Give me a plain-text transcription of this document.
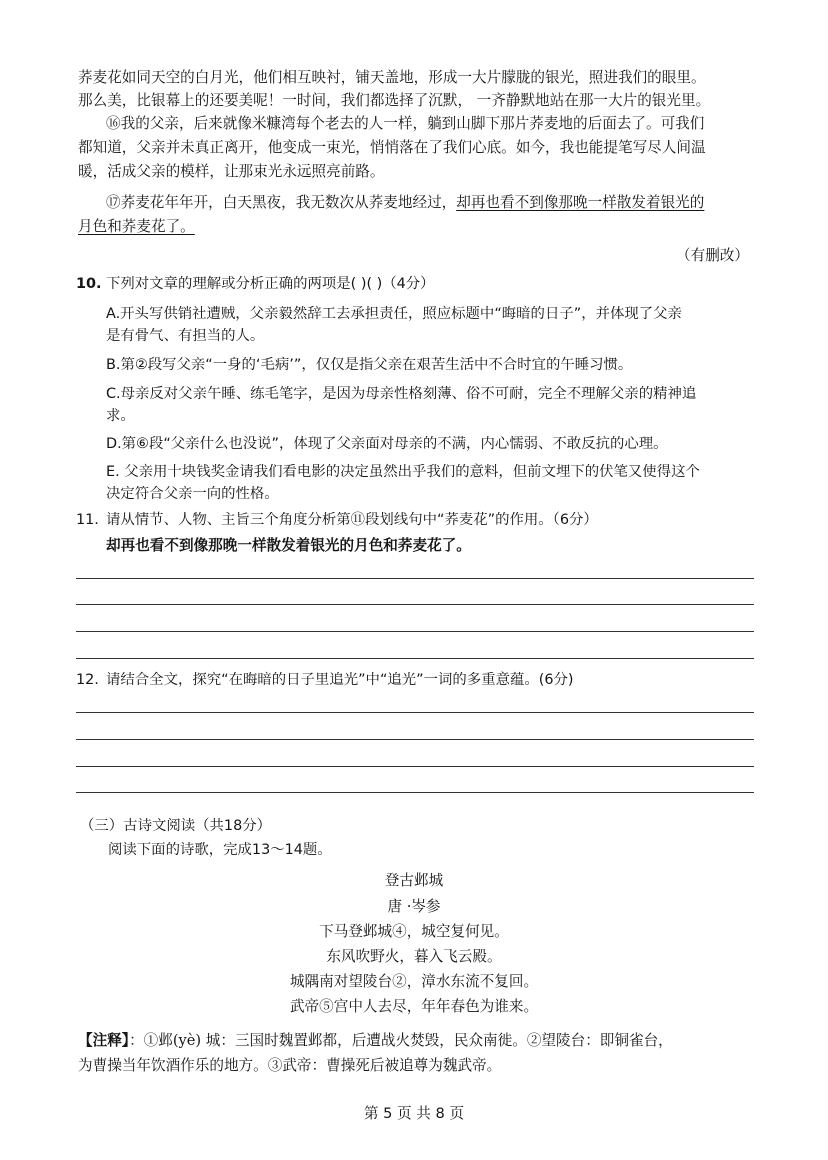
荞麦花如同天空的白月光，他们相互映衬，铺天盖地，形成一大片朦胧的银光，照进我们的眼里。
那么美，比银幕上的还要美呢！一时间，我们都选择了沉默， 一齐静默地站在那一大片的银光里。
⑯我的父亲，后来就像米糠湾每个老去的人一样，躺到山脚下那片荞麦地的后面去了。可我们
都知道，父亲并未真正离开，他变成一束光，悄悄落在了我们心底。如今，我也能提笔写尽人间温
暖，活成父亲的模样，让那束光永远照亮前路。
⑰荞麦花年年开，白天黑夜，我无数次从荞麦地经过，却再也看不到像那晚一样散发着银光的
月色和荞麦花了。
（有删改）
10. 下列对文章的理解或分析正确的两项是( )( )（4分）
A.开头写供销社遭贼，父亲毅然辞工去承担责任，照应标题中“晦暗的日子”，并体现了父亲
是有骨气、有担当的人。
B.第②段写父亲“一身的‘毛病’”，仅仅是指父亲在艰苦生活中不合时宜的午睡习惯。
C.母亲反对父亲午睡、练毛笔字，是因为母亲性格刻薄、俗不可耐，完全不理解父亲的精神追
求。
D.第⑥段“父亲什么也没说”，体现了父亲面对母亲的不满，内心懦弱、不敢反抗的心理。
E. 父亲用十块钱奖金请我们看电影的决定虽然出乎我们的意料，但前文埋下的伏笔又使得这个
决定符合父亲一向的性格。
11. 请从情节、人物、主旨三个角度分析第⑪段划线句中“荞麦花”的作用。（6分）
却再也看不到像那晚一样散发着银光的月色和荞麦花了。
12. 请结合全文，探究“在晦暗的日子里追光”中“追光”一词的多重意蕴。(6分)
（三）古诗文阅读（共18分）
阅读下面的诗歌，完成13～14题。
登古邺城
唐 ·岑参
下马登邺城④，城空复何见。
东风吹野火，暮入飞云殿。
城隅南对望陵台②，漳水东流不复回。
武帝⑤宫中人去尽，年年春色为谁来。
【注释】：①邺(yè) 城：三国时魏置邺都，后遭战火焚毁，民众南徙。②望陵台：即铜雀台，
为曹操当年饮酒作乐的地方。③武帝：曹操死后被追尊为魏武帝。
第 5 页 共 8 页
